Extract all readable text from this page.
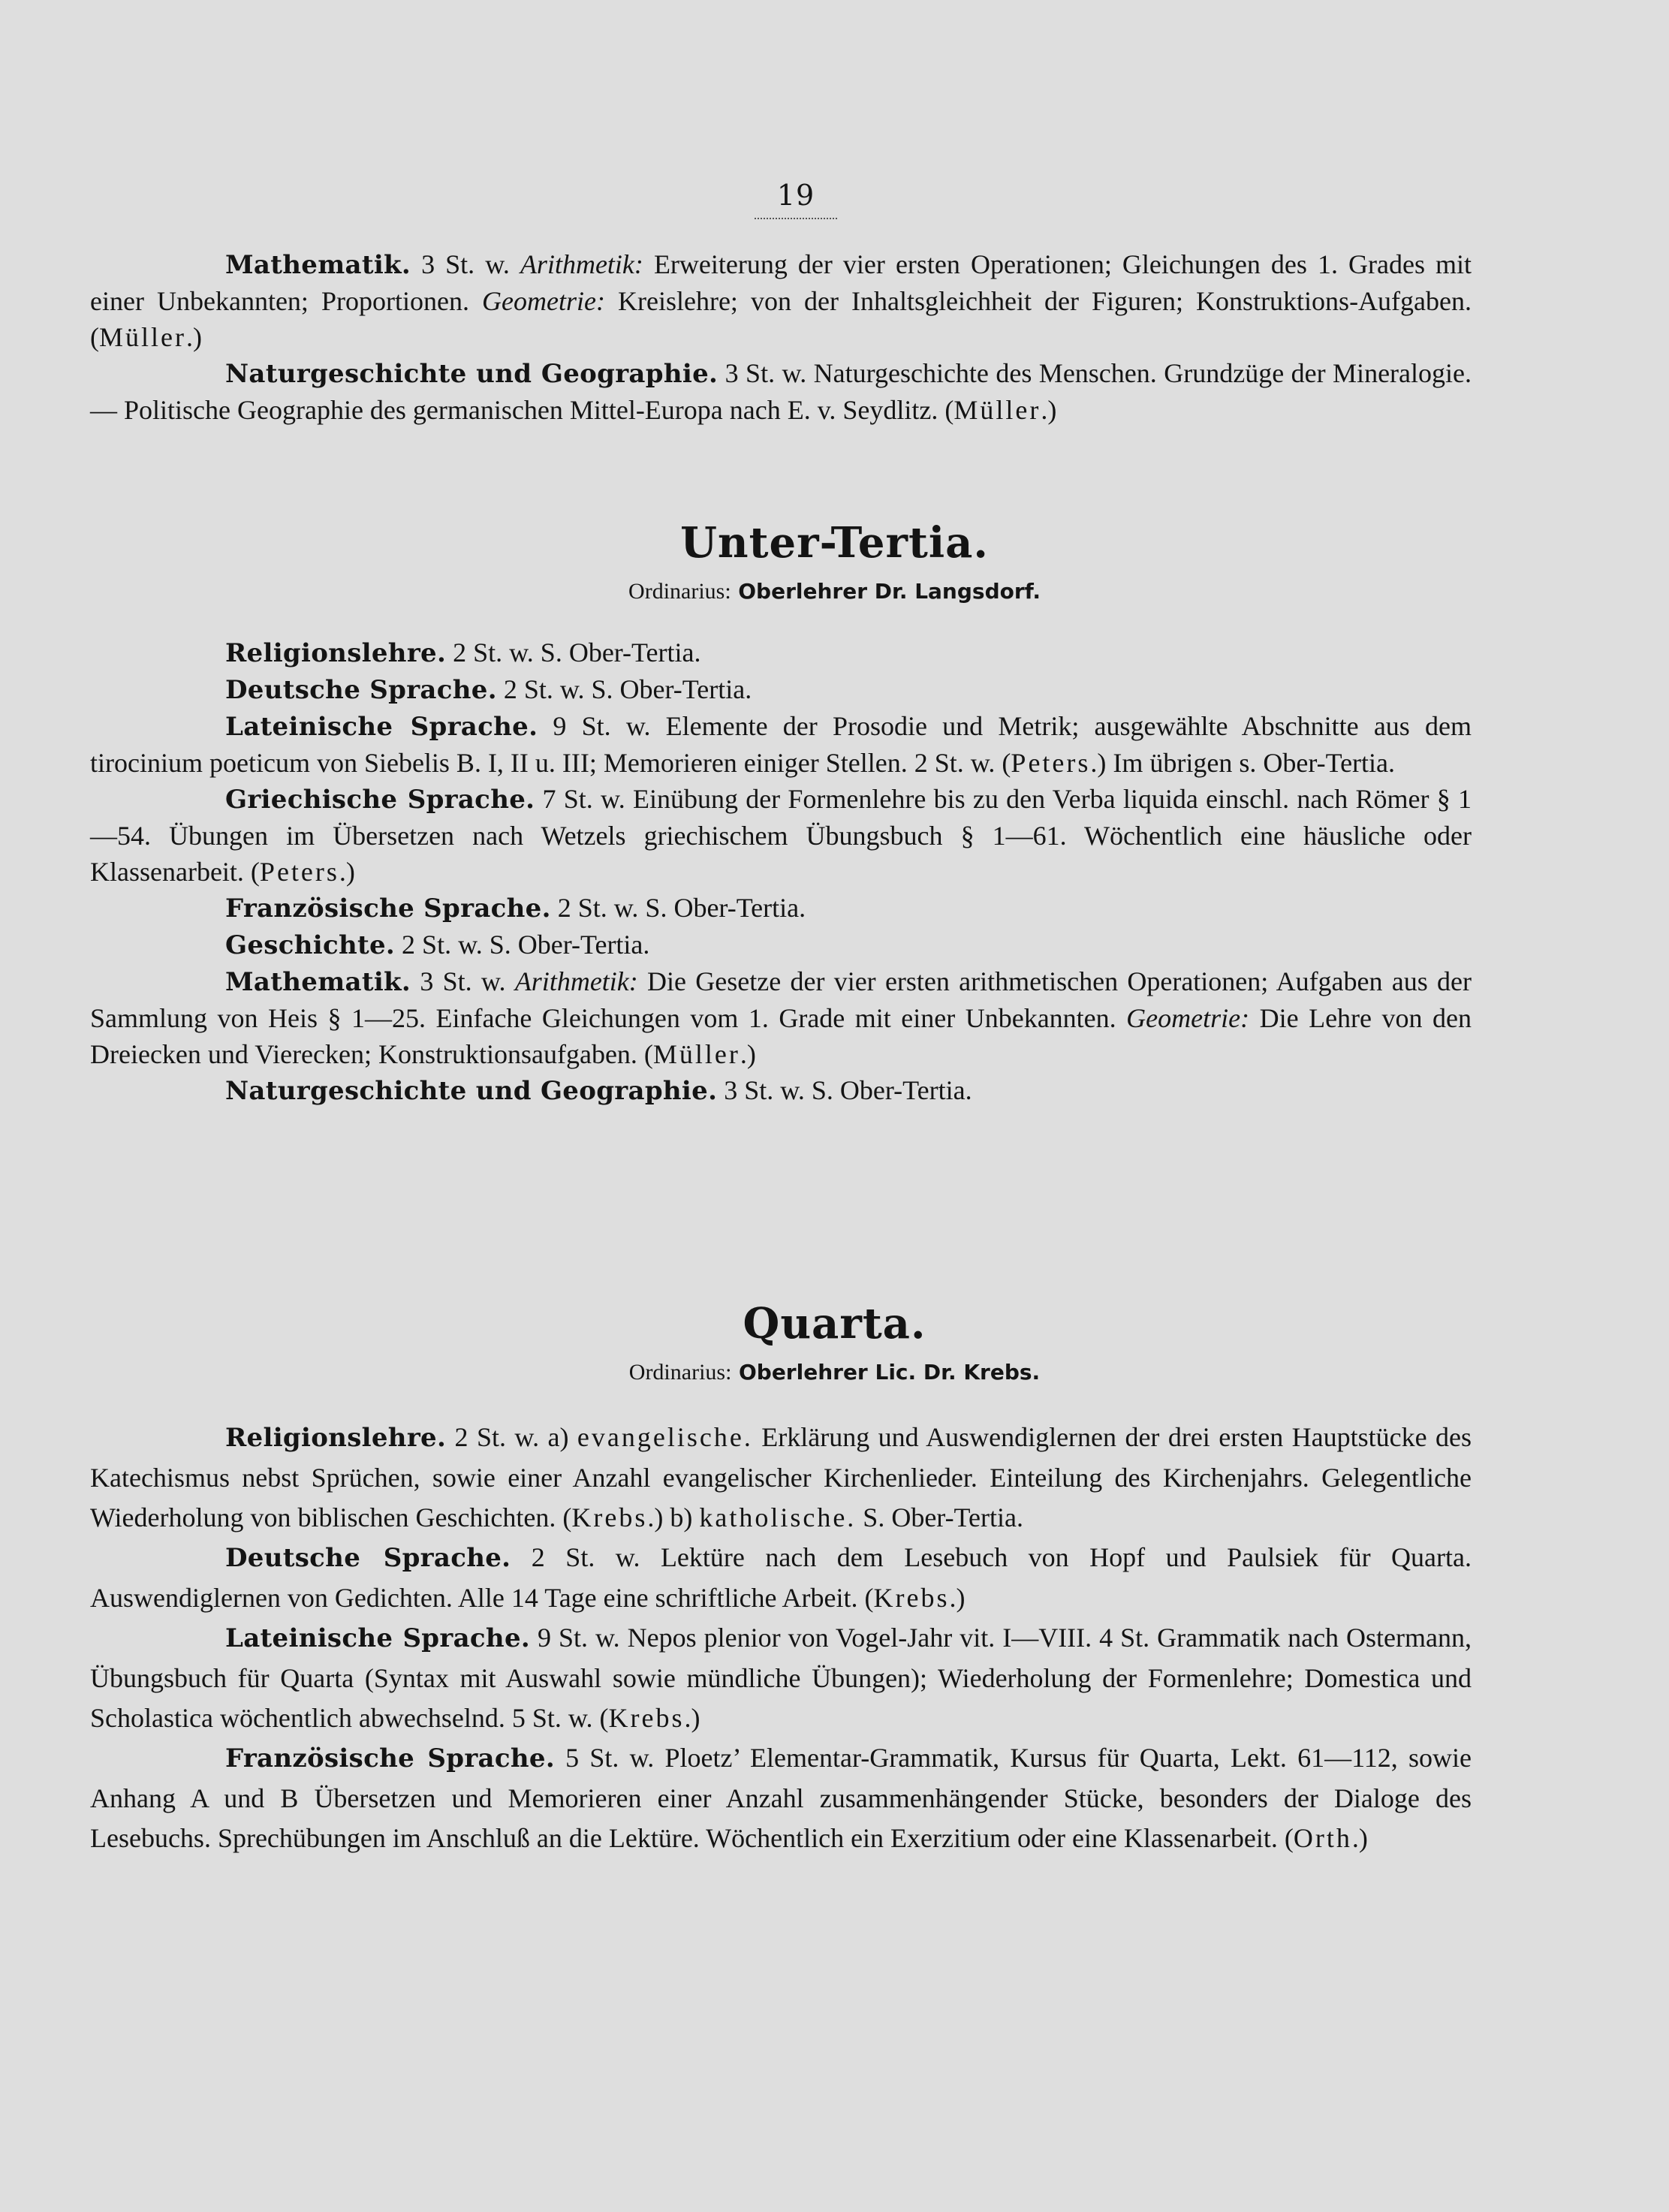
19

Mathematik. 3 St. w. Arithmetik: Erweiterung der vier ersten Operationen; Gleichungen des 1. Grades mit einer Unbekannten; Proportionen. Geometrie: Kreislehre; von der Inhaltsgleichheit der Figuren; Konstruktions-Aufgaben. (Müller.)

Naturgeschichte und Geographie. 3 St. w. Naturgeschichte des Menschen. Grundzüge der Mineralogie. — Politische Geographie des germanischen Mittel-Europa nach E. v. Seydlitz. (Müller.)

Unter-Tertia.
Ordinarius: Oberlehrer Dr. Langsdorf.

Religionslehre. 2 St. w. S. Ober-Tertia.

Deutsche Sprache. 2 St. w. S. Ober-Tertia.

Lateinische Sprache. 9 St. w. Elemente der Prosodie und Metrik; ausgewählte Abschnitte aus dem tirocinium poeticum von Siebelis B. I, II u. III; Memorieren einiger Stellen. 2 St. w. (Peters.) Im übrigen s. Ober-Tertia.

Griechische Sprache. 7 St. w. Einübung der Formenlehre bis zu den Verba liquida einschl. nach Römer § 1—54. Übungen im Übersetzen nach Wetzels griechischem Übungsbuch § 1—61. Wöchentlich eine häusliche oder Klassenarbeit. (Peters.)

Französische Sprache. 2 St. w. S. Ober-Tertia.

Geschichte. 2 St. w. S. Ober-Tertia.

Mathematik. 3 St. w. Arithmetik: Die Gesetze der vier ersten arithmetischen Operationen; Aufgaben aus der Sammlung von Heis § 1—25. Einfache Gleichungen vom 1. Grade mit einer Unbekannten. Geometrie: Die Lehre von den Dreiecken und Vierecken; Konstruktionsaufgaben. (Müller.)

Naturgeschichte und Geographie. 3 St. w. S. Ober-Tertia.

Quarta.
Ordinarius: Oberlehrer Lic. Dr. Krebs.

Religionslehre. 2 St. w. a) evangelische. Erklärung und Auswendiglernen der drei ersten Hauptstücke des Katechismus nebst Sprüchen, sowie einer Anzahl evangelischer Kirchenlieder. Einteilung des Kirchenjahrs. Gelegentliche Wiederholung von biblischen Geschichten. (Krebs.) b) katholische. S. Ober-Tertia.

Deutsche Sprache. 2 St. w. Lektüre nach dem Lesebuch von Hopf und Paulsiek für Quarta. Auswendiglernen von Gedichten. Alle 14 Tage eine schriftliche Arbeit. (Krebs.)

Lateinische Sprache. 9 St. w. Nepos plenior von Vogel-Jahr vit. I—VIII. 4 St. Grammatik nach Ostermann, Übungsbuch für Quarta (Syntax mit Auswahl sowie mündliche Übungen); Wiederholung der Formenlehre; Domestica und Scholastica wöchentlich abwechselnd. 5 St. w. (Krebs.)

Französische Sprache. 5 St. w. Ploetz’ Elementar-Grammatik, Kursus für Quarta, Lekt. 61—112, sowie Anhang A und B Übersetzen und Memorieren einer Anzahl zusammenhängender Stücke, besonders der Dialoge des Lesebuchs. Sprechübungen im Anschluß an die Lektüre. Wöchentlich ein Exerzitium oder eine Klassenarbeit. (Orth.)
